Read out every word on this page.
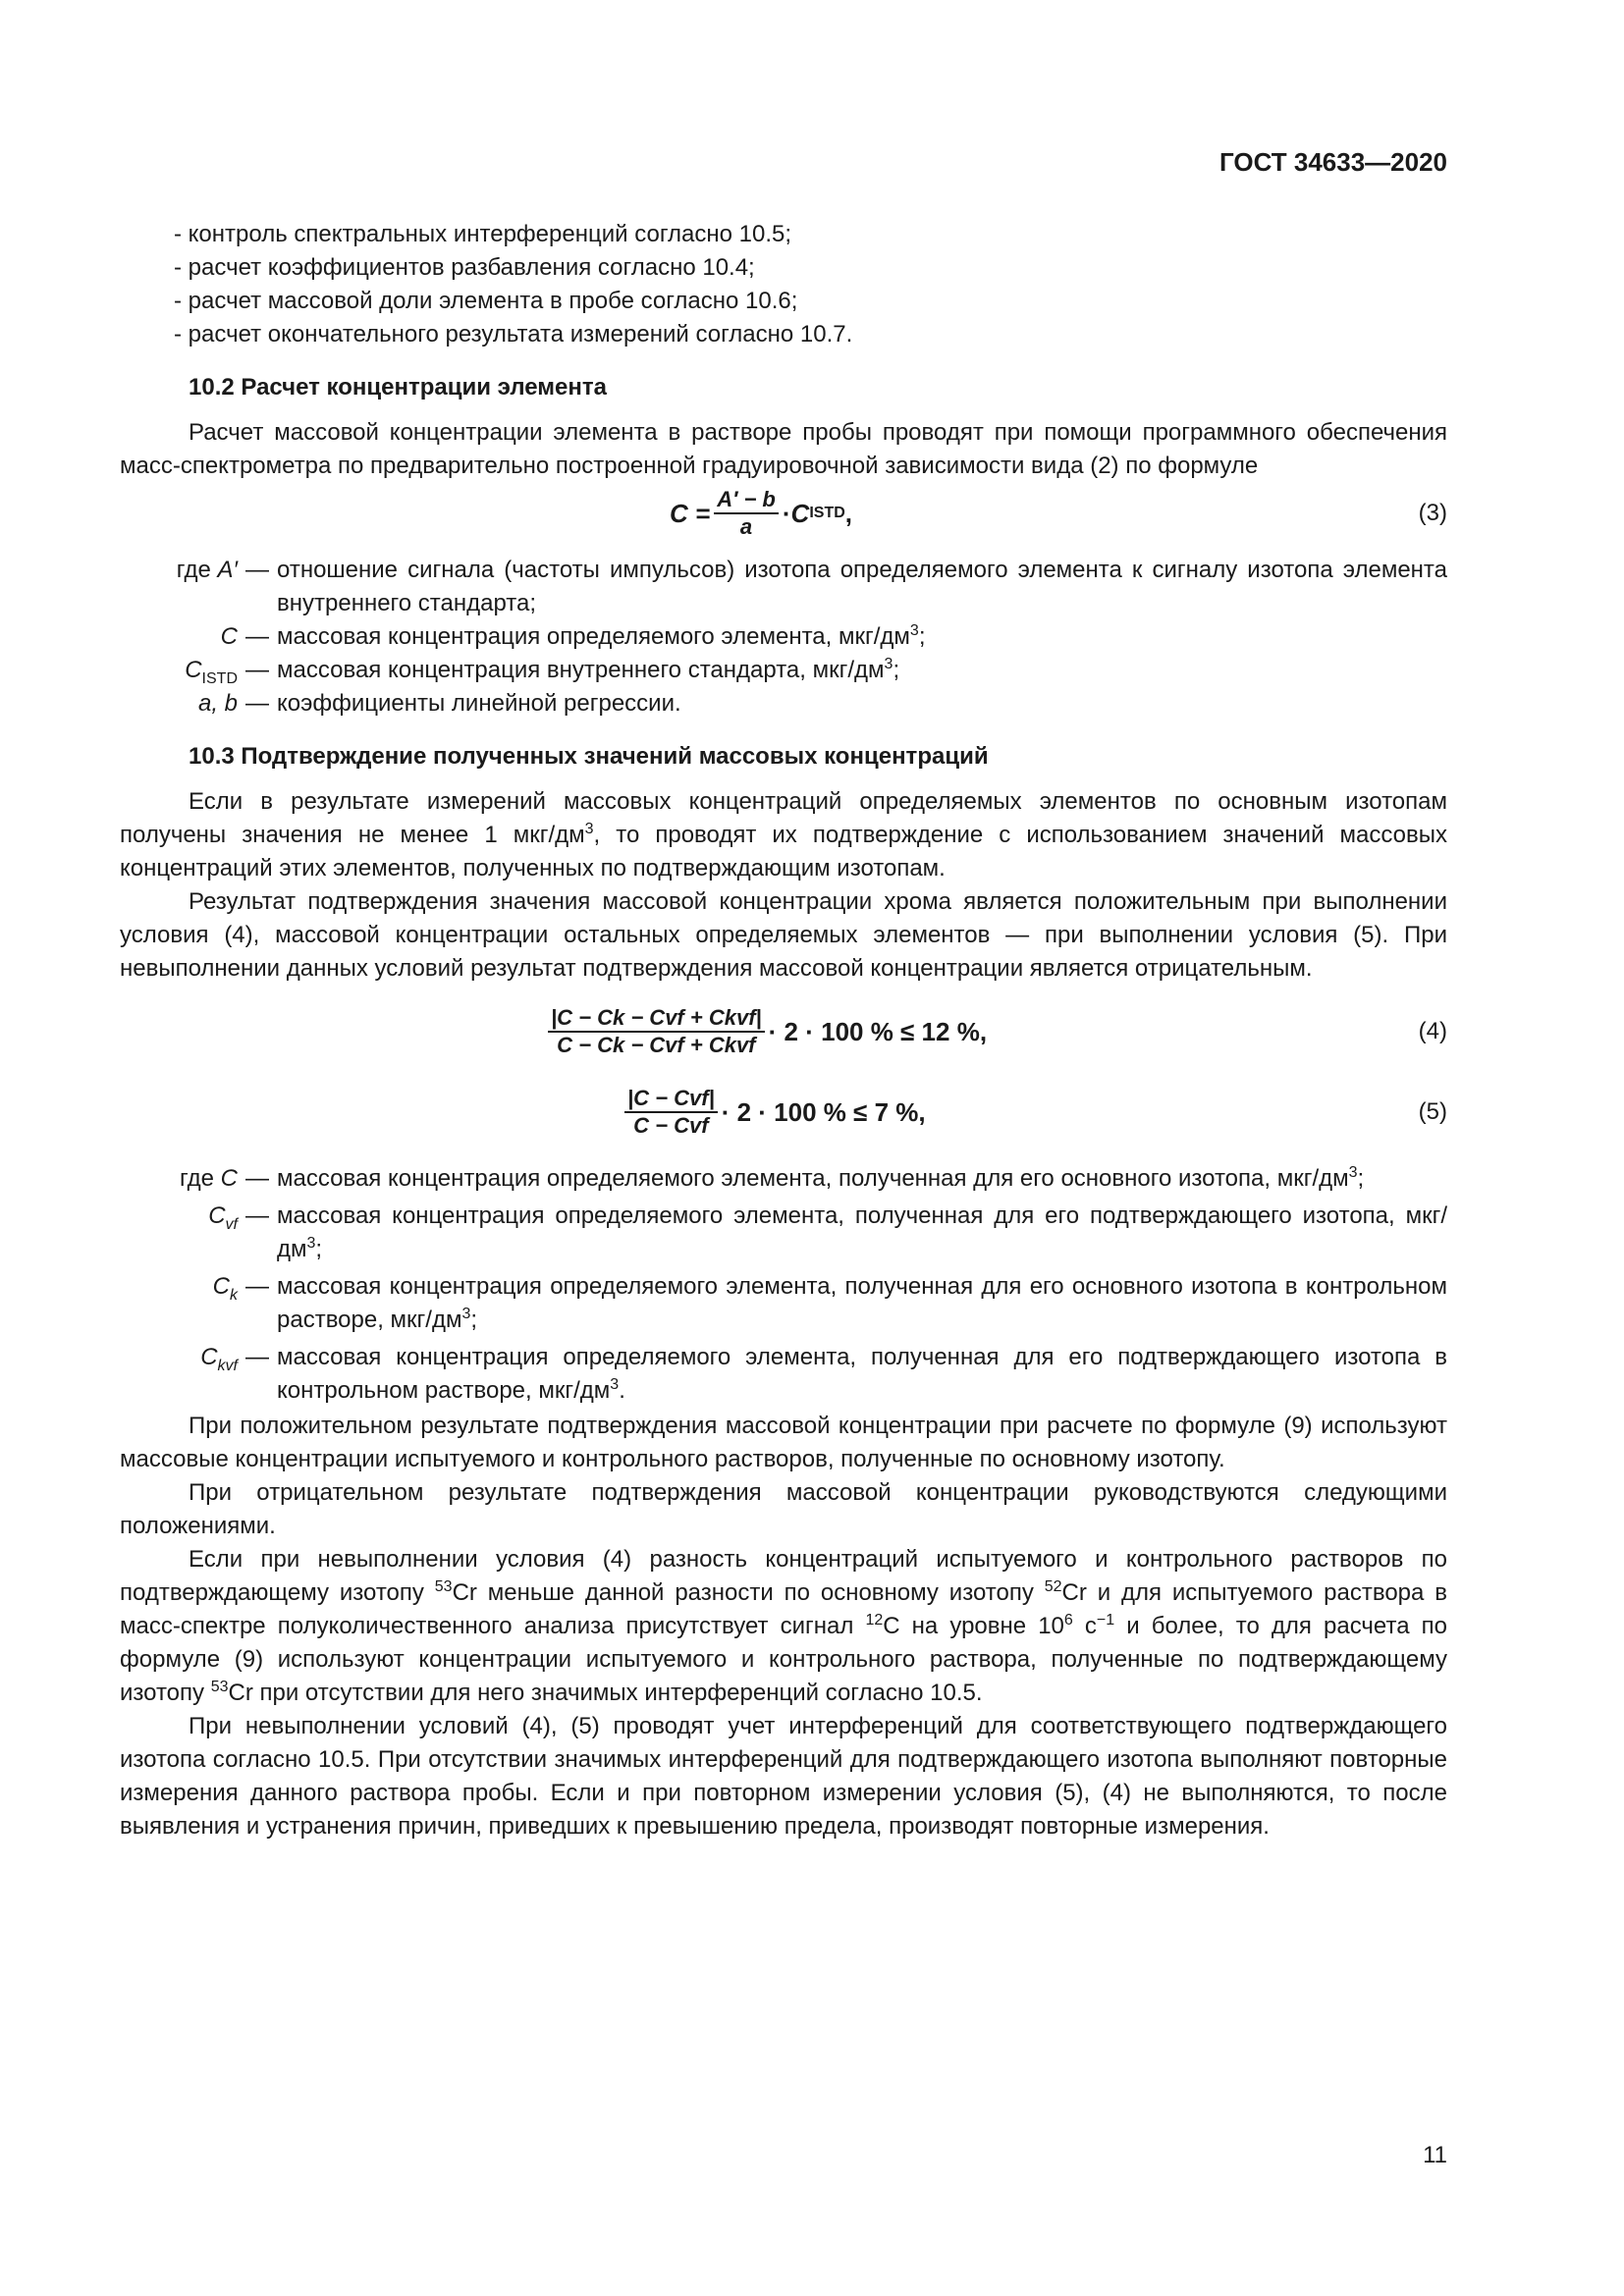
ГОСТ 34633—2020
- контроль спектральных интерференций согласно 10.5;
- расчет коэффициентов разбавления согласно 10.4;
- расчет массовой доли элемента в пробе согласно 10.6;
- расчет окончательного результата измерений согласно 10.7.
10.2 Расчет концентрации элемента
Расчет массовой концентрации элемента в растворе пробы проводят при помощи программного обеспечения масс-спектрометра по предварительно построенной градуировочной зависимости вида (2) по формуле
$C = \frac{A' - b}{a} \cdot C$ ISTD ,	(3)
где A′ — отношение сигнала (частоты импульсов) изотопа определяемого элемента к сигналу изотопа элемента внутреннего стандарта;
C — массовая концентрация определяемого элемента, мкг/$дм^3$;
$C_{ISTD}$ — массовая концентрация внутреннего стандарта, мкг/$дм^3$;
a, b — коэффициенты линейной регрессии.
10.3 Подтверждение полученных значений массовых концентраций
Если в результате измерений массовых концентраций определяемых элементов по основным изотопам получены значения не менее 1 мкг/$дм^3$, то проводят их подтверждение с использованием значений массовых концентраций этих элементов, полученных по подтверждающим изотопам.
Результат подтверждения значения массовой концентрации хрома является положительным при выполнении условия (4), массовой концентрации остальных определяемых элементов — при выполнении условия (5). При невыполнении данных условий результат подтверждения массовой концентрации является отрицательным.
$\frac{\text{|C − Ck − Cvf + Ckvf|}}{\text{C − Ck − Cvf + Ckvf}} \cdot 2 \cdot 100$ % ≤ 12 %,	(4)
$\frac{\text{|C − Cvf|}}{\text{C − Cvf}} \cdot 2 \cdot 100$ % ≤ 7 %,	(5)
где C — массовая концентрация определяемого элемента, полученная для его основного изотопа, мкг/$дм^3$;
$C_{vf}$ — массовая концентрация определяемого элемента, полученная для его подтверждающего изотопа, мкг/$дм^3$;
$C_k$ — массовая концентрация определяемого элемента, полученная для его основного изотопа в контрольном растворе, мкг/$дм^3$;
$C_{kvf}$ — массовая концентрация определяемого элемента, полученная для его подтверждающего изотопа в контрольном растворе, мкг/$дм^3$.
При положительном результате подтверждения массовой концентрации при расчете по формуле (9) используют массовые концентрации испытуемого и контрольного растворов, полученные по основному изотопу.
При отрицательном результате подтверждения массовой концентрации руководствуются следующими положениями.
Если при невыполнении условия (4) разность концентраций испытуемого и контрольного растворов по подтверждающему изотопу $^{53}$Cr меньше данной разности по основному изотопу $^{52}$Cr и для испытуемого раствора в масс-спектре полуколичественного анализа присутствует сигнал $^{12}$C на уровне $10^6$ $с^{-1}$ и более, то для расчета по формуле (9) используют концентрации испытуемого и контрольного раствора, полученные по подтверждающему изотопу $^{53}$Cr при отсутствии для него значимых интерференций согласно 10.5.
При невыполнении условий (4), (5) проводят учет интерференций для соответствующего подтверждающего изотопа согласно 10.5. При отсутствии значимых интерференций для подтверждающего изотопа выполняют повторные измерения данного раствора пробы. Если и при повторном измерении условия (5), (4) не выполняются, то после выявления и устранения причин, приведших к превышению предела, производят повторные измерения.
11
